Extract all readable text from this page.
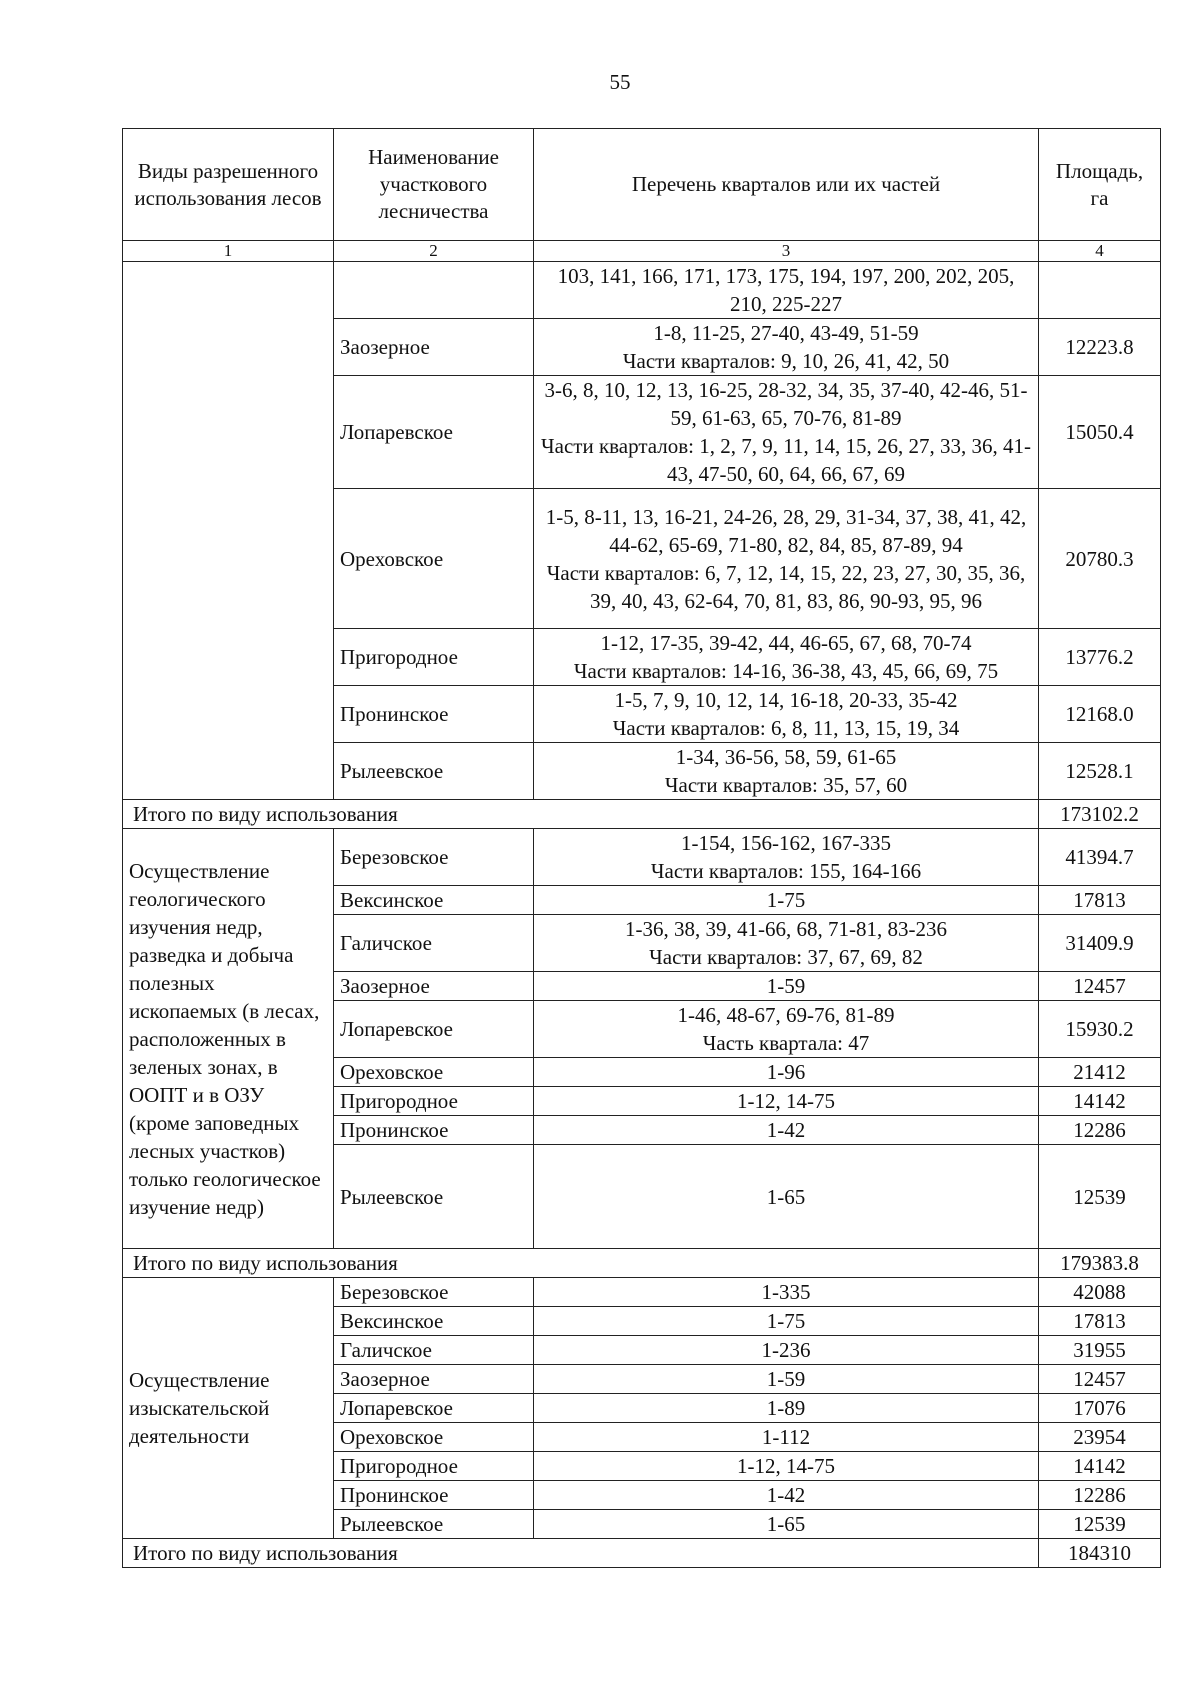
55
Виды разрешенного использования лесов	Наименование участкового лесничества	Перечень кварталов или их частей	Площадь, га
1	2	3	4

		103, 141, 166, 171, 173, 175, 194, 197, 200, 202, 205, 210, 225-227	

	Заозерное	1-8, 11-25, 27-40, 43-49, 51-59
Части кварталов: 9, 10, 26, 41, 42, 50	12223.8
	Лопаревское	3-6, 8, 10, 12, 13, 16-25, 28-32, 34, 35, 37-40, 42-46, 51-59, 61-63, 65, 70-76, 81-89
Части кварталов: 1, 2, 7, 9, 11, 14, 15, 26, 27, 33, 36, 41-43, 47-50, 60, 64, 66, 67, 69	15050.4
	Ореховское	1-5, 8-11, 13, 16-21, 24-26, 28, 29, 31-34, 37, 38, 41, 42, 44-62, 65-69, 71-80, 82, 84, 85, 87-89, 94
Части кварталов: 6, 7, 12, 14, 15, 22, 23, 27, 30, 35, 36, 39, 40, 43, 62-64, 70, 81, 83, 86, 90-93, 95, 96	20780.3
	Пригородное	1-12, 17-35, 39-42, 44, 46-65, 67, 68, 70-74
Части кварталов: 14-16, 36-38, 43, 45, 66, 69, 75	13776.2
	Пронинское	1-5, 7, 9, 10, 12, 14, 16-18, 20-33, 35-42
Части кварталов: 6, 8, 11, 13, 15, 19, 34	12168.0
	Рылеевское	1-34, 36-56, 58, 59, 61-65
Части кварталов: 35, 57, 60	12528.1
Итого по виду использования			173102.2
Осуществление геологического изучения недр, разведка и добыча полезных ископаемых (в лесах, расположенных в зеленых зонах, в ООПТ и в ОЗУ (кроме заповедных лесных участков) только геологическое изучение недр)	Березовское	1-154, 156-162, 167-335
Части кварталов: 155, 164-166	41394.7
	Вексинское	1-75	17813
	Галичское	1-36, 38, 39, 41-66, 68, 71-81, 83-236
Части кварталов: 37, 67, 69, 82	31409.9
	Заозерное	1-59	12457
	Лопаревское	1-46, 48-67, 69-76, 81-89
Часть квартала: 47	15930.2
	Ореховское	1-96	21412
	Пригородное	1-12, 14-75	14142
	Пронинское	1-42	12286
	Рылеевское	1-65	12539
Итого по виду использования			179383.8
Осуществление изыскательской деятельности	Березовское	1-335	42088
	Вексинское	1-75	17813
	Галичское	1-236	31955
	Заозерное	1-59	12457
	Лопаревское	1-89	17076
	Ореховское	1-112	23954
	Пригородное	1-12, 14-75	14142
	Пронинское	1-42	12286
	Рылеевское	1-65	12539
Итого по виду использования			184310
